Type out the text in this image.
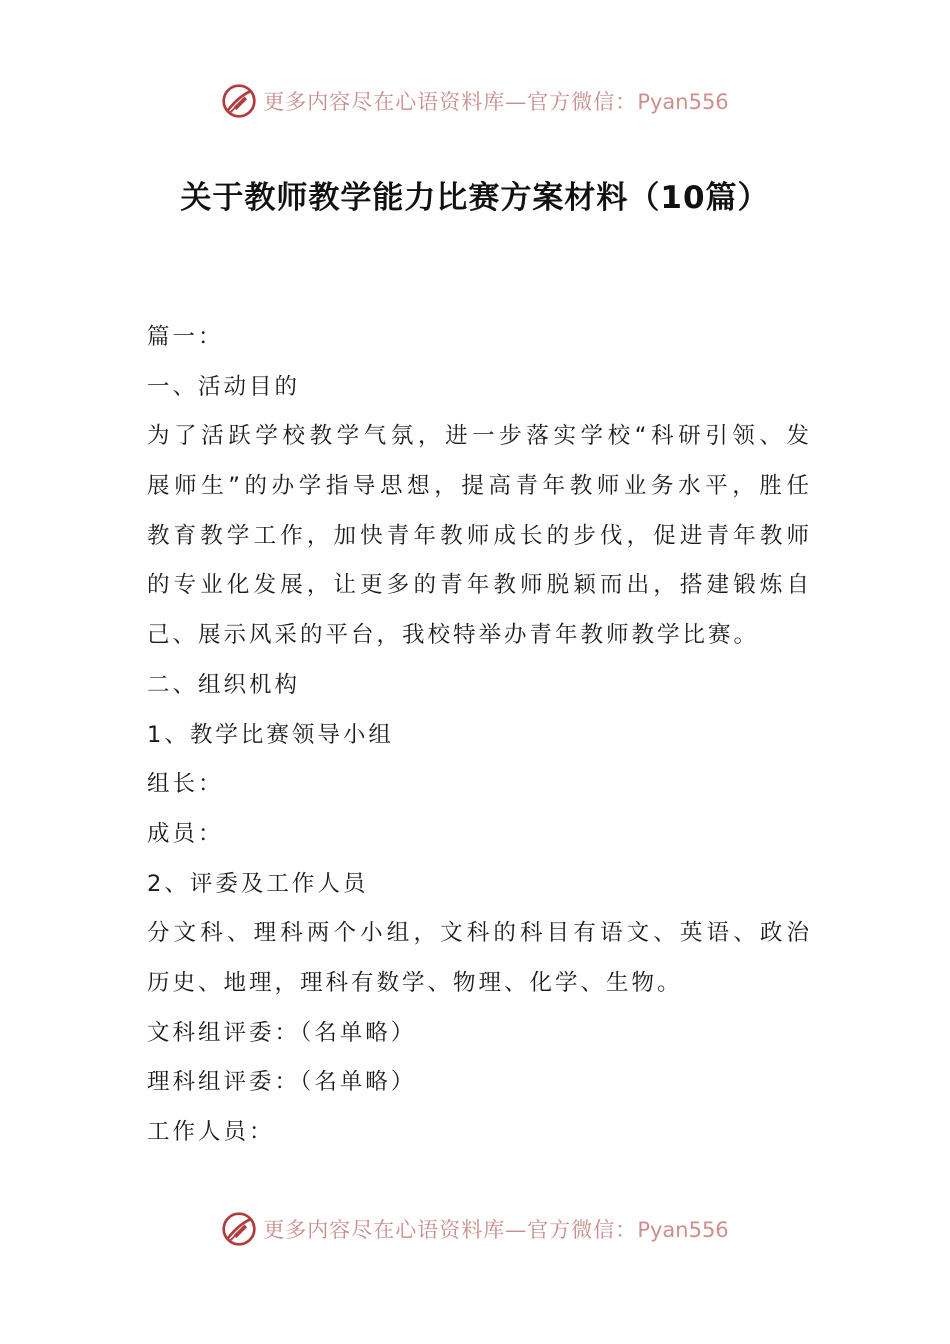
更多内容尽在心语资料库—官方微信：Pyan556
关于教师教学能力比赛方案材料（10篇）
篇一：
一、活动目的
为了活跃学校教学气氛，进一步落实学校“科研引领、发
展师生”的办学指导思想，提高青年教师业务水平，胜任
教育教学工作，加快青年教师成长的步伐，促进青年教师
的专业化发展，让更多的青年教师脱颖而出，搭建锻炼自
己、展示风采的平台，我校特举办青年教师教学比赛。
二、组织机构
1、教学比赛领导小组
组长：
成员：
2、评委及工作人员
分文科、理科两个小组，文科的科目有语文、英语、政治
历史、地理，理科有数学、物理、化学、生物。
文科组评委：（名单略）
理科组评委：（名单略）
工作人员：
更多内容尽在心语资料库—官方微信：Pyan556
